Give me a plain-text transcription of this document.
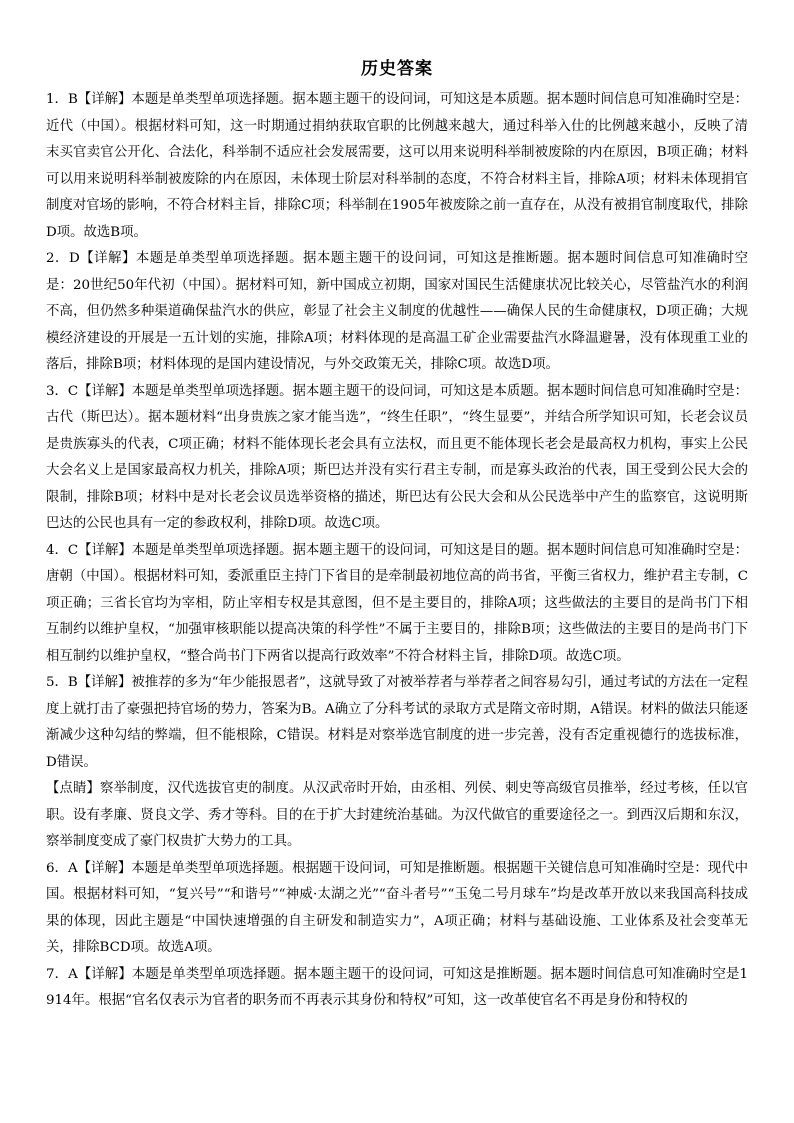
历史答案

1．B【详解】本题是单类型单项选择题。据本题主题干的设问词，可知这是本质题。据本题时间信息可知准确时空是：近代（中国）。根据材料可知，这一时期通过捐纳获取官职的比例越来越大，通过科举入仕的比例越来越小，反映了清末买官卖官公开化、合法化，科举制不适应社会发展需要，这可以用来说明科举制被废除的内在原因，B项正确；材料可以用来说明科举制被废除的内在原因，未体现士阶层对科举制的态度，不符合材料主旨，排除A项；材料未体现捐官制度对官场的影响，不符合材料主旨，排除C项；科举制在1905年被废除之前一直存在，从没有被捐官制度取代，排除D项。故选B项。

2．D【详解】本题是单类型单项选择题。据本题主题干的设问词，可知这是推断题。据本题时间信息可知准确时空是：20世纪50年代初（中国）。据材料可知，新中国成立初期，国家对国民生活健康状况比较关心，尽管盐汽水的利润不高，但仍然多种渠道确保盐汽水的供应，彰显了社会主义制度的优越性——确保人民的生命健康权，D项正确；大规模经济建设的开展是一五计划的实施，排除A项；材料体现的是高温工矿企业需要盐汽水降温避暑，没有体现重工业的落后，排除B项；材料体现的是国内建设情况，与外交政策无关，排除C项。故选D项。

3．C【详解】本题是单类型单项选择题。据本题主题干的设问词，可知这是本质题。据本题时间信息可知准确时空是：古代（斯巴达）。据本题材料“出身贵族之家才能当选”，“终生任职”，“终生显要”，并结合所学知识可知，长老会议员是贵族寡头的代表，C项正确；材料不能体现长老会具有立法权，而且更不能体现长老会是最高权力机构，事实上公民大会名义上是国家最高权力机关，排除A项；斯巴达并没有实行君主专制，而是寡头政治的代表，国王受到公民大会的限制，排除B项；材料中是对长老会议员选举资格的描述，斯巴达有公民大会和从公民选举中产生的监察官，这说明斯巴达的公民也具有一定的参政权利，排除D项。故选C项。

4．C【详解】本题是单类型单项选择题。据本题主题干的设问词，可知这是目的题。据本题时间信息可知准确时空是：唐朝（中国）。根据材料可知，委派重臣主持门下省目的是牵制最初地位高的尚书省，平衡三省权力，维护君主专制，C项正确；三省长官均为宰相，防止宰相专权是其意图，但不是主要目的，排除A项；这些做法的主要目的是尚书门下相互制约以维护皇权，“加强审核职能以提高决策的科学性”不属于主要目的，排除B项；这些做法的主要目的是尚书门下相互制约以维护皇权，“整合尚书门下两省以提高行政效率”不符合材料主旨，排除D项。故选C项。

5．B【详解】被推荐的多为“年少能报恩者”，这就导致了对被举荐者与举荐者之间容易勾引，通过考试的方法在一定程度上就打击了豪强把持官场的势力，答案为B。A确立了分科考试的录取方式是隋文帝时期，A错误。材料的做法只能逐渐减少这种勾结的弊端，但不能根除，C错误。材料是对察举选官制度的进一步完善，没有否定重视德行的选拔标准，D错误。

【点睛】察举制度，汉代选拔官吏的制度。从汉武帝时开始，由丞相、列侯、刺史等高级官员推举，经过考核，任以官职。设有孝廉、贤良文学、秀才等科。目的在于扩大封建统治基础。为汉代做官的重要途径之一。到西汉后期和东汉，察举制度变成了豪门权贵扩大势力的工具。

6．A【详解】本题是单类型单项选择题。根据题干设问词，可知是推断题。根据题干关键信息可知准确时空是：现代中国。根据材料可知，“复兴号”“和谐号”“神威·太湖之光”“奋斗者号”“玉兔二号月球车”均是改革开放以来我国高科技成果的体现，因此主题是“中国快速增强的自主研发和制造实力”，A项正确；材料与基础设施、工业体系及社会变革无关，排除BCD项。故选A项。

7．A【详解】本题是单类型单项选择题。据本题主题干的设问词，可知这是推断题。据本题时间信息可知准确时空是1914年。根据“官名仅表示为官者的职务而不再表示其身份和特权”可知，这一改革使官名不再是身份和特权的
